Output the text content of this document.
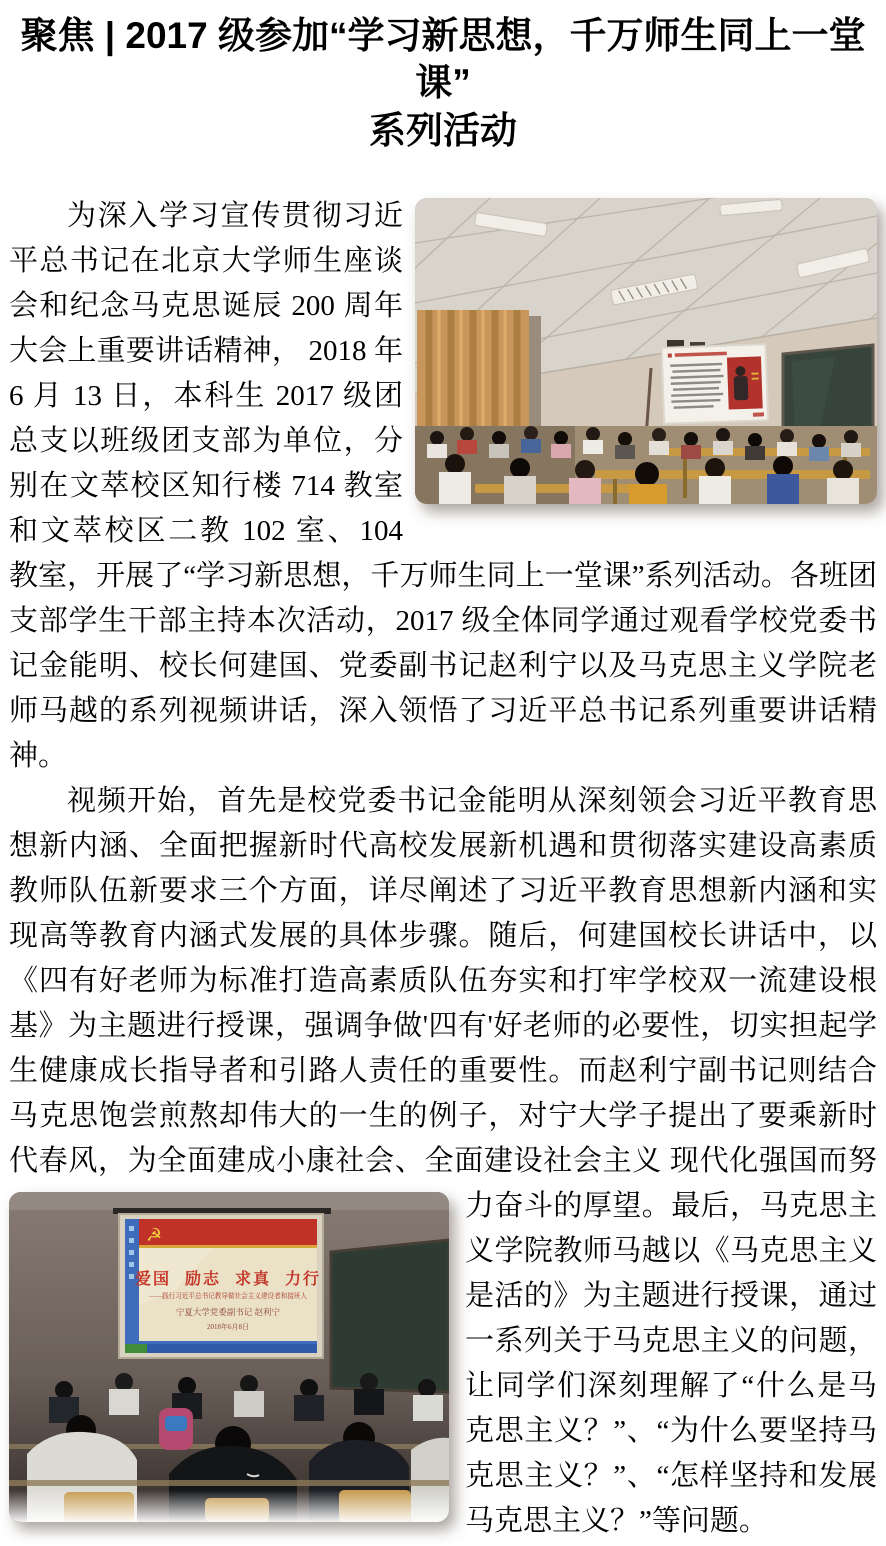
聚焦 | 2017 级参加“学习新思想，千万师生同上一堂课”
系列活动

为深入学习宣传贯彻习近平总书记在北京大学师生座谈会和纪念马克思诞辰 200 周年大会上重要讲话精神， 2018 年 6 月 13 日，本科生 2017 级团总支以班级团支部为单位，分别在文萃校区知行楼 714 教室和文萃校区二教 102 室、104 教室，开展了“学习新思想，千万师生同上一堂课”系列活动。各班团支部学生干部主持本次活动，2017 级全体同学通过观看学校党委书记金能明、校长何建国、党委副书记赵利宁以及马克思主义学院老师马越的系列视频讲话，深入领悟了习近平总书记系列重要讲话精神。

视频开始，首先是校党委书记金能明从深刻领会习近平教育思想新内涵、全面把握新时代高校发展新机遇和贯彻落实建设高素质教师队伍新要求三个方面，详尽阐述了习近平教育思想新内涵和实现高等教育内涵式发展的具体步骤。随后，何建国校长讲话中，以《四有好老师为标准打造高素质队伍夯实和打牢学校双一流建设根基》为主题进行授课，强调争做'四有'好老师的必要性，切实担起学生健康成长指导者和引路人责任的重要性。而赵利宁副书记则结合马克思饱尝煎熬却伟大的一生的例子，对宁大学子提出了要乘新时代春风，为全面建成小康社会、全面建设社会主义
☭
爱国 励志 求真 力行
——践行习近平总书记教导做社会主义建设者和接班人
宁夏大学党委副书记 赵利宁
2018年6月8日
现代化强国而努力奋斗的厚望。最后，马克思主义学院教师马越以《马克思主义是活的》为主题进行授课，通过一系列关于马克思主义的问题，让同学们深刻理解了“什么是马克思主义？”、“为什么要坚持马克思主义？”、“怎样坚持和发展马克思主义？”等问题。
